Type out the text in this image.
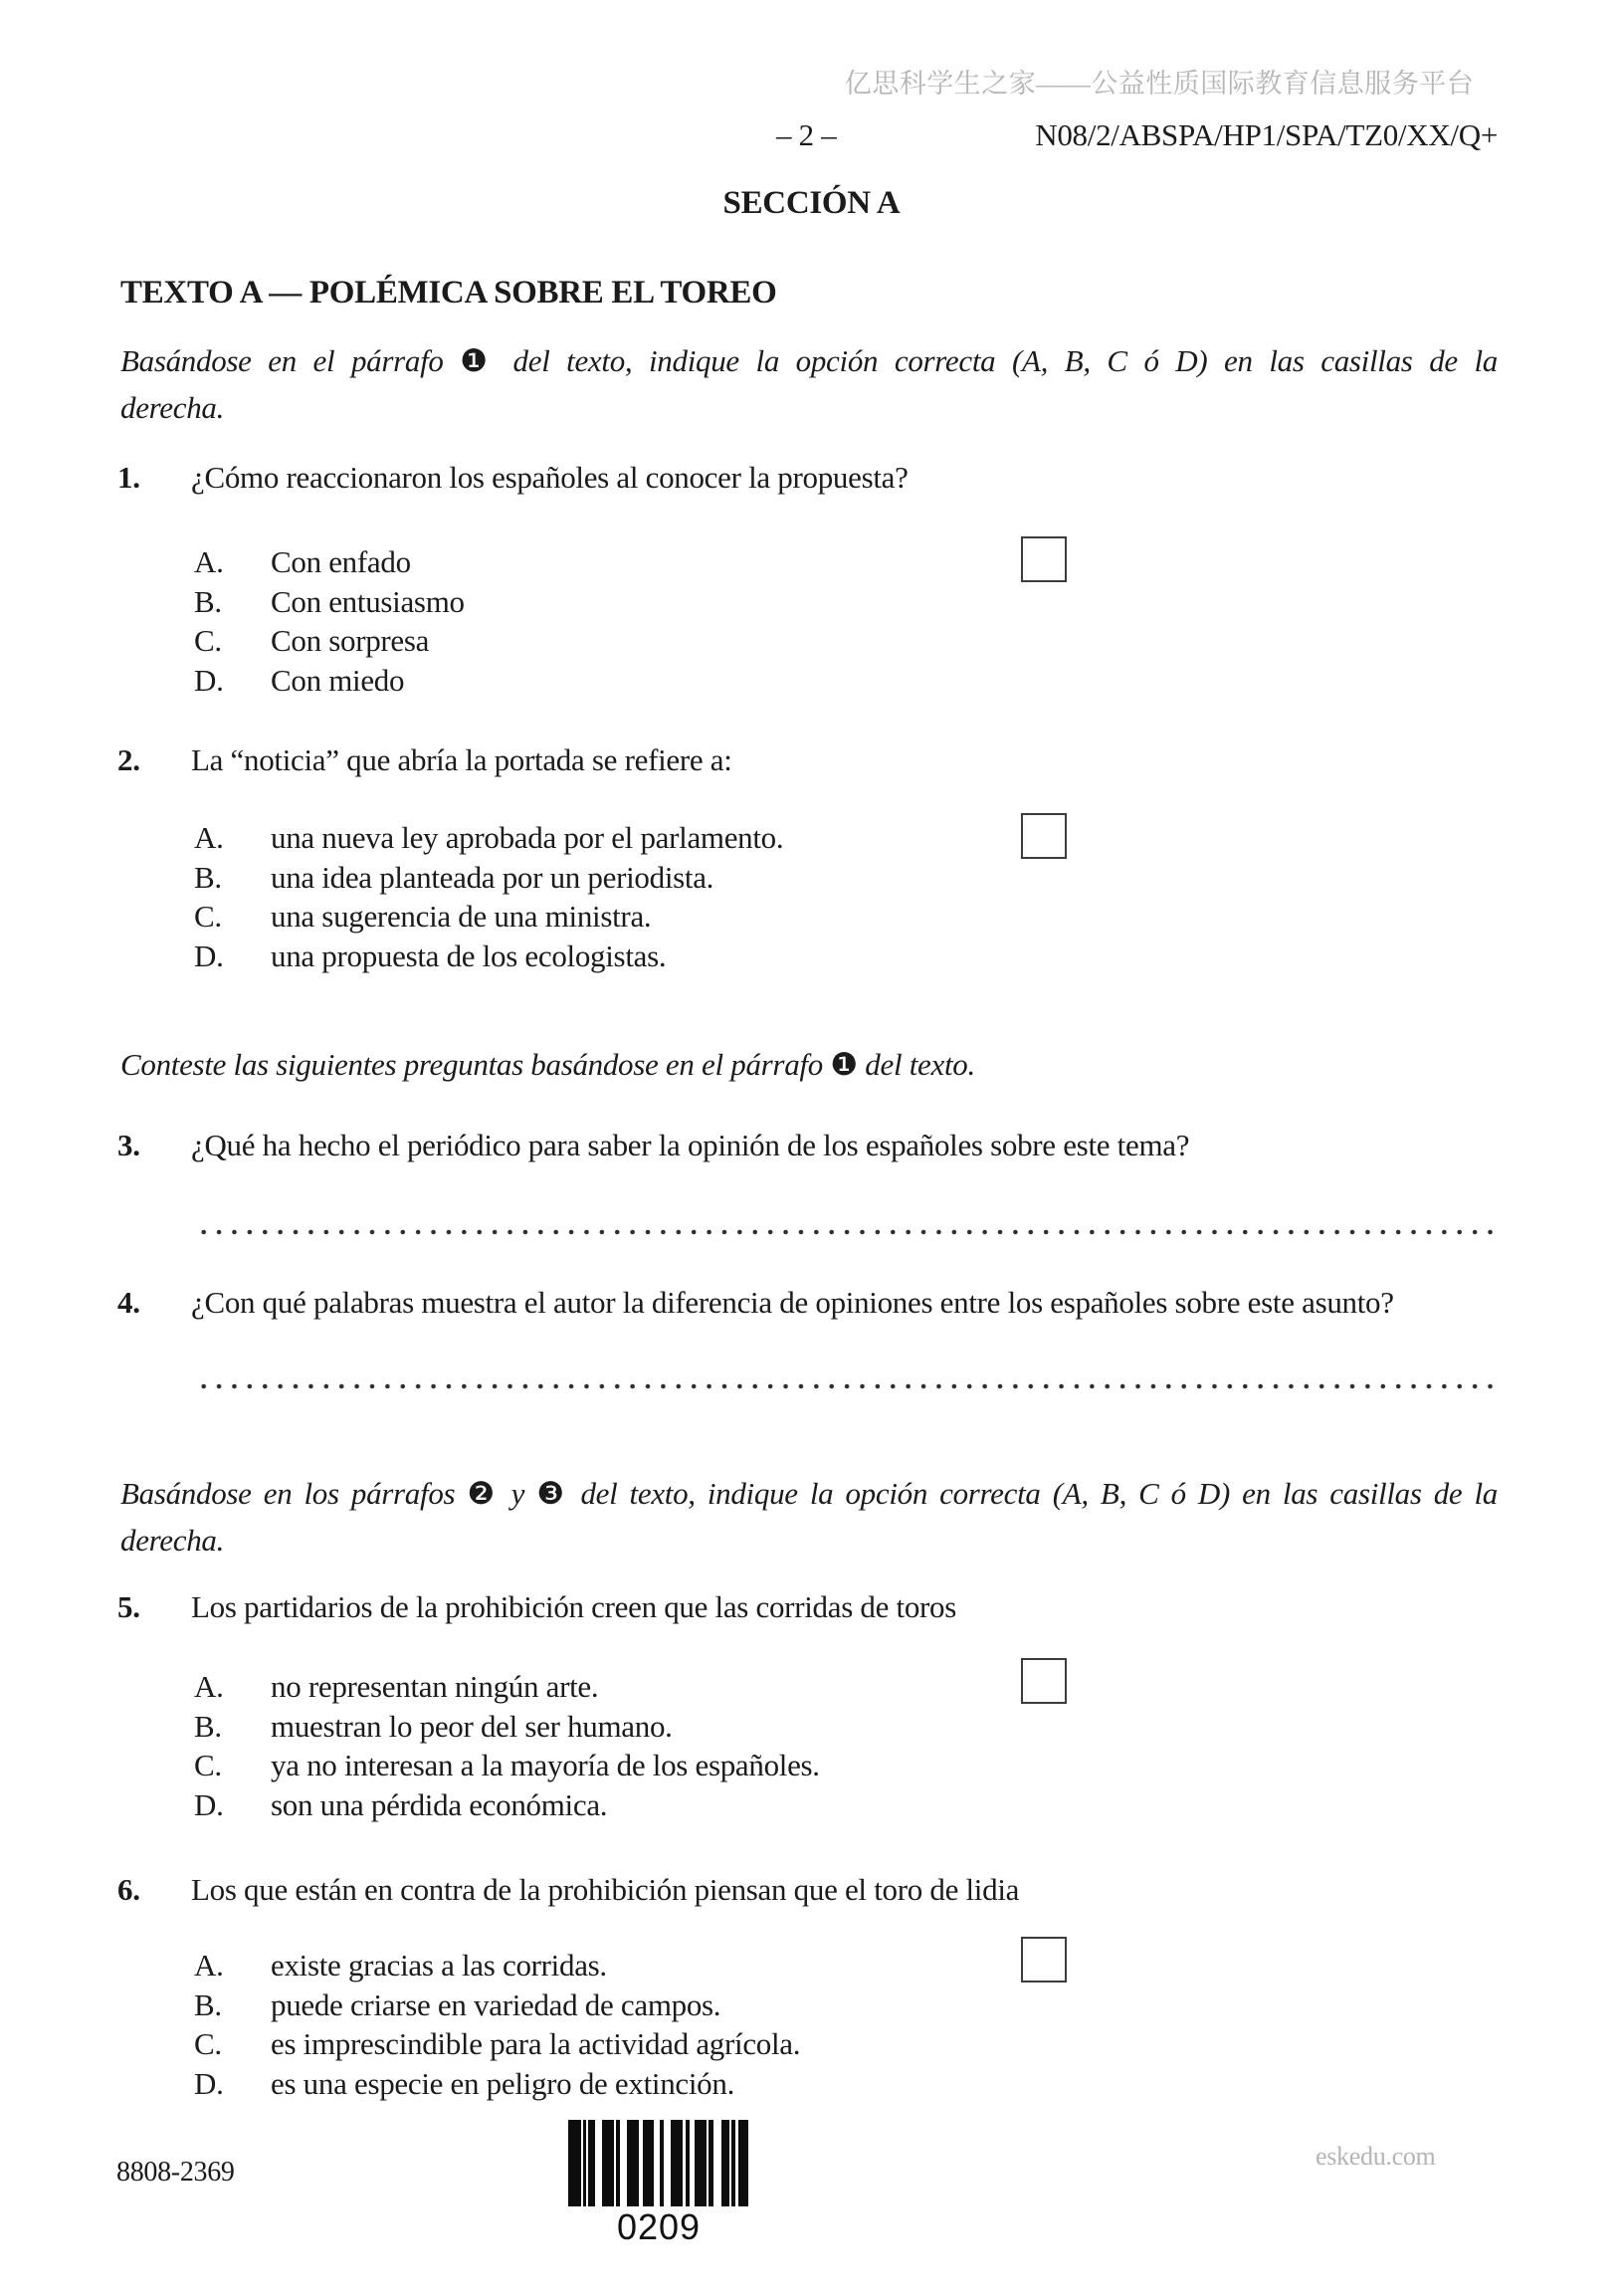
亿思科学生之家——公益性质国际教育信息服务平台
– 2 –	N08/2/ABSPA/HP1/SPA/TZ0/XX/Q+
SECCIÓN A
TEXTO A — POLÉMICA SOBRE EL TOREO
Basándose en el párrafo ❶ del texto, indique la opción correcta (A, B, C ó D) en las casillas de la
derecha.
1. ¿Cómo reaccionaron los españoles al conocer la propuesta?
A. Con enfado
B. Con entusiasmo
C. Con sorpresa
D. Con miedo
2. La “noticia” que abría la portada se refiere a:
A. una nueva ley aprobada por el parlamento.
B. una idea planteada por un periodista.
C. una sugerencia de una ministra.
D. una propuesta de los ecologistas.
Conteste las siguientes preguntas basándose en el párrafo ❶ del texto.
3. ¿Qué ha hecho el periódico para saber la opinión de los españoles sobre este tema?
4. ¿Con qué palabras muestra el autor la diferencia de opiniones entre los españoles sobre este asunto?
Basándose en los párrafos ❷ y ❸ del texto, indique la opción correcta (A, B, C ó D) en las casillas de la
derecha.
5. Los partidarios de la prohibición creen que las corridas de toros
A. no representan ningún arte.
B. muestran lo peor del ser humano.
C. ya no interesan a la mayoría de los españoles.
D. son una pérdida económica.
6. Los que están en contra de la prohibición piensan que el toro de lidia
A. existe gracias a las corridas.
B. puede criarse en variedad de campos.
C. es imprescindible para la actividad agrícola.
D. es una especie en peligro de extinción.
8808-2369
0209
eskedu.com
